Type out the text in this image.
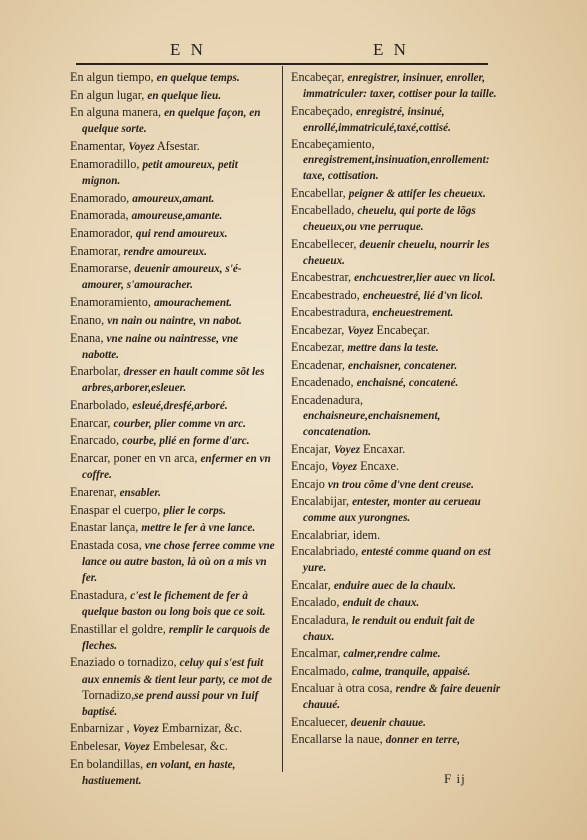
E N	E N

En algun tiempo, en quelque temps.

En algun lugar, en quelque lieu.

En alguna manera, en quelque façon, en quelque sorte.

Enamentar, Voyez Afsestar.

Enamoradillo, petit amoureux, petit mignon.

Enamorado, amoureux,amant.

Enamorada, amoureuse,amante.

Enamorador, qui rend amoureux.

Enamorar, rendre amoureux.

Enamorarse, deuenir amoureux, s'é-amourer, s'amouracher.

Enamoramiento, amourachement.

Enano, vn nain ou naintre, vn nabot.

Enana, vne naine ou naintresse, vne nabotte.

Enarbolar, dresser en hault comme sõt les arbres,arborer,esleuer.

Enarbolado, esleué,dresfé,arboré.

Enarcar, courber, plier comme vn arc.

Enarcado, courbe, plié en forme d'arc.

Enarcar, poner en vn arca, enfermer en vn coffre.

Enarenar, ensabler.

Enaspar el cuerpo, plier le corps.

Enastar lança, mettre le fer à vne lance.

Enastada cosa, vne chose ferree comme vne lance ou autre baston, là où on a mis vn fer.

Enastadura, c'est le fichement de fer à quelque baston ou long bois que ce soit.

Enastillar el goldre, remplir le carquois de fleches.

Enaziado o tornadizo, celuy qui s'est fuit aux ennemis & tient leur party, ce mot de Tornadizo,se prend aussi pour vn Iuif baptisé.

Enbarnizar , Voyez Embarnizar, &c.

Enbelesar, Voyez Embelesar, &c.

En bolandillas, en volant, en haste, hastiuement.

Encabeçar, enregistrer, insinuer, enroller, immatriculer: taxer, cottiser pour la taille.

Encabeçado, enregistré, insinué, enrollé,immatriculé,taxé,cottisé.

Encabeçamiento, enregistrement,insinuation,enrollement: taxe, cottisation.

Encabellar, peigner & attifer les cheueux.

Encabellado, cheuelu, qui porte de lõgs cheueux,ou vne perruque.

Encabellecer, deuenir cheuelu, nourrir les cheueux.

Encabestrar, enchcuestrer,lier auec vn licol.

Encabestrado, encheuestré, lié d'vn licol.

Encabestradura, encheuestrement.

Encabezar, Voyez Encabeçar.

Encabezar, mettre dans la teste.

Encadenar, enchaisner, concatener.

Encadenado, enchaisné, concatené.

Encadenadura, enchaisneure,enchaisnement, concatenation.

Encajar, Voyez Encaxar.

Encajo, Voyez Encaxe.

Encajo vn trou cõme d'vne dent creuse.

Encalabijar, entester, monter au cerueau comme aux yurongnes.

Encalabriar, idem.

Encalabriado, entesté comme quand on est yure.

Encalar, enduire auec de la chaulx.

Encalado, enduit de chaux.

Encaladura, le renduit ou enduit fait de chaux.

Encalmar, calmer,rendre calme.

Encalmado, calme, tranquile, appaisé.

Encaluar à otra cosa, rendre & faire deuenir chauué.

Encaluecer, deuenir chauue.

Encallarse la naue, donner en terre,

F ij
